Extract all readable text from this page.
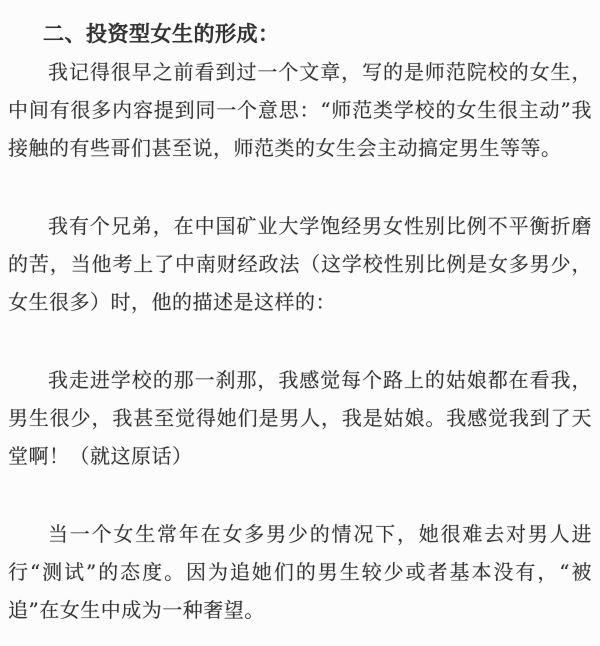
二、投资型女生的形成：

我记得很早之前看到过一个文章，写的是师范院校的女生，中间有很多内容提到同一个意思：“师范类学校的女生很主动”我接触的有些哥们甚至说，师范类的女生会主动搞定男生等等。

我有个兄弟，在中国矿业大学饱经男女性别比例不平衡折磨的苦，当他考上了中南财经政法（这学校性别比例是女多男少，女生很多）时，他的描述是这样的：

我走进学校的那一刹那，我感觉每个路上的姑娘都在看我，男生很少，我甚至觉得她们是男人，我是姑娘。我感觉我到了天堂啊！（就这原话）

当一个女生常年在女多男少的情况下，她很难去对男人进行“测试”的态度。因为追她们的男生较少或者基本没有，“被追”在女生中成为一种奢望。
